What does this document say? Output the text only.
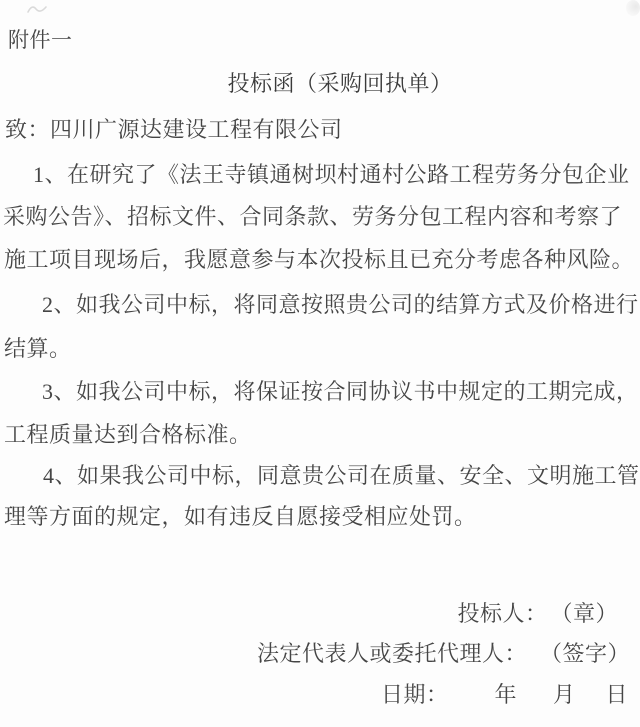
附件一
投标函（采购回执单）
致：四川广源达建设工程有限公司
1、在研究了《法王寺镇通树坝村通村公路工程劳务分包企业
采购公告》、招标文件、合同条款、劳务分包工程内容和考察了
施工项目现场后，我愿意参与本次投标且已充分考虑各种风险。
2、如我公司中标，将同意按照贵公司的结算方式及价格进行
结算。
3、如我公司中标，将保证按合同协议书中规定的工期完成，
工程质量达到合格标准。
4、如果我公司中标，同意贵公司在质量、安全、文明施工管
理等方面的规定，如有违反自愿接受相应处罚。
投标人： （章）
法定代表人或委托代理人： （签字）
日期： 年 月 日
